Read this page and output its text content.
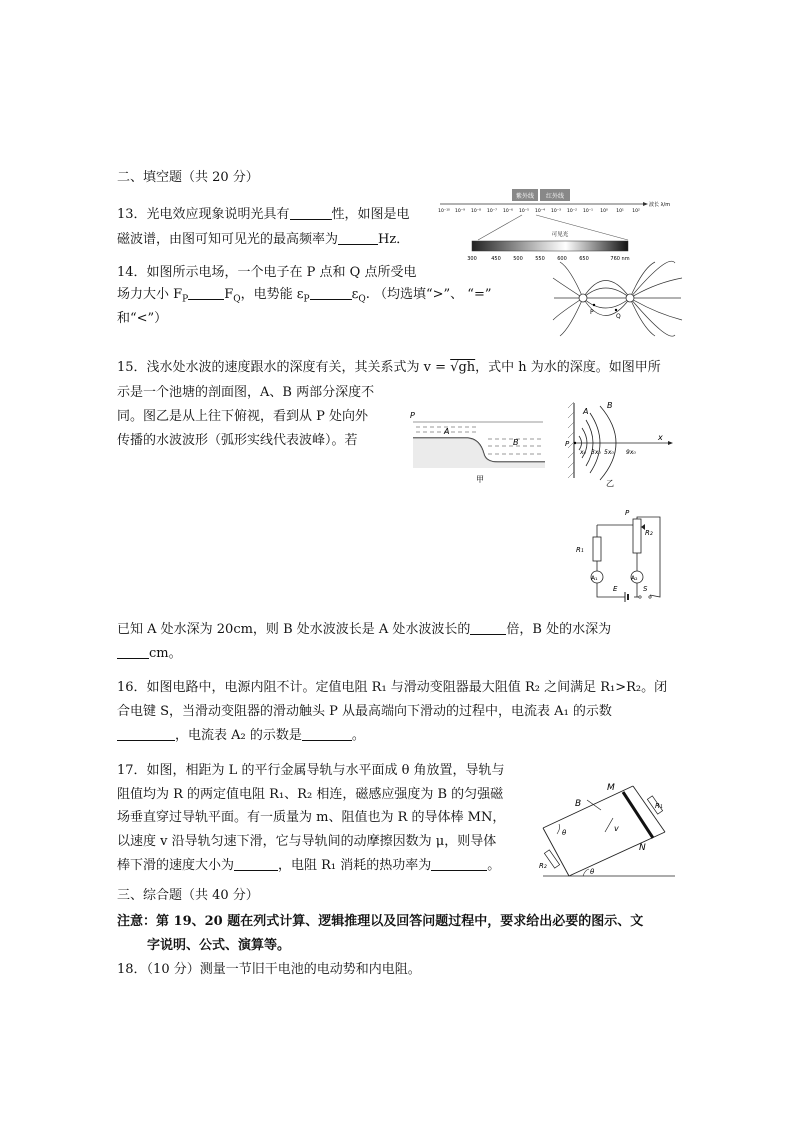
二、填空题（共 20 分）
13．光电效应现象说明光具有	性，如图是电
磁波谱，由图可知可见光的最高频率为	Hz．
紫外线 红外线
波长 λ/m
10⁻¹⁰ 10⁻⁹ 10⁻⁸ 10⁻⁷ 10⁻⁶ 10⁻⁵ 10⁻⁴ 10⁻³ 10⁻² 10⁻¹ 10⁰ 10¹ 10²
可见光
300	450 500 550 600 650	760 nm
14．如图所示电场，一个电子在 P 点和 Q 点所受电
场力大小 $F_P$	$F_Q$，电势能 $\varepsilon_P$	$\varepsilon_Q$. （均选填“>”、 “=”
和“<”）	P
Q
15．浅水处水波的速度跟水的深度有关，其关系式为 v = √gh，式中 h 为水的深度。如图甲所
示是一个池塘的剖面图，A、B 两部分深度不
同。图乙是从上往下俯视，看到从 P 处向外
传播的水波波形（弧形实线代表波峰）。若
P
A
B
甲
P
A
B
x
x₀ 3x₀ 5x₀ 9x₀
乙
P
R₁
R₂
A₁	A₂
E	S
已知 A 处水深为 20cm，则 B 处水波波长是 A 处水波波长的	倍，B 处的水深为
cm。
16．如图电路中，电源内阻不计。定值电阻 R₁ 与滑动变阻器最大阻值 R₂ 之间满足 R₁>R₂。闭
合电键 S，当滑动变阻器的滑动触头 P 从最高端向下滑动的过程中，电流表 A₁ 的示数
，电流表 A₂ 的示数是	。
17．如图，相距为 L 的平行金属导轨与水平面成 θ 角放置，导轨与
阻值均为 R 的两定值电阻 R₁、R₂ 相连，磁感应强度为 B 的匀强磁
场垂直穿过导轨平面。有一质量为 m、阻值也为 R 的导体棒 MN，
以速度 v 沿导轨匀速下滑，它与导轨间的动摩擦因数为 μ，则导体
棒下滑的速度大小为	，电阻 R₁ 消耗的热功率为	。
B
M
N
R₁
R₂
θ
θ
v
三、综合题（共 40 分）
注意：第 19、20 题在列式计算、逻辑推理以及回答问题过程中，要求给出必要的图示、文
字说明、公式、演算等。
18．（10 分）测量一节旧干电池的电动势和内电阻。
